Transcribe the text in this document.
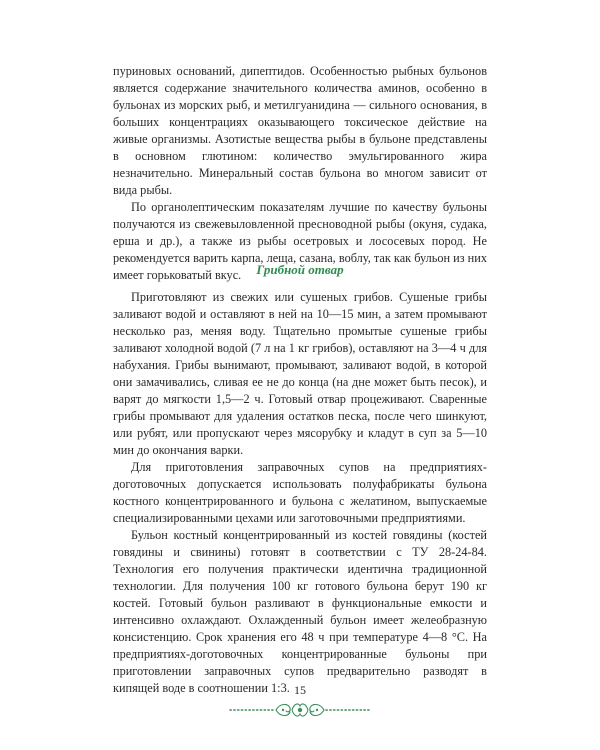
пуриновых оснований, дипептидов. Особенностью рыбных бульонов является содержание значительного количества аминов, особенно в бульонах из морских рыб, и метилгуанидина — сильного основания, в больших концентрациях оказывающего токсическое действие на живые организмы. Азотистые вещества рыбы в бульоне представлены в основном глютином: количество эмульгированного жира незначительно. Минеральный состав бульона во многом зависит от вида рыбы.

По органолептическим показателям лучшие по качеству бульоны получаются из свежевыловленной пресноводной рыбы (окуня, судака, ерша и др.), а также из рыбы осетровых и лососевых пород. Не рекомендуется варить карпа, леща, сазана, воблу, так как бульон из них имеет горьковатый вкус.	Грибной отвар

Приготовляют из свежих или сушеных грибов. Сушеные грибы заливают водой и оставляют в ней на 10—15 мин, а затем промывают несколько раз, меняя воду. Тщательно промытые сушеные грибы заливают холодной водой (7 л на 1 кг грибов), оставляют на 3—4 ч для набухания. Грибы вынимают, промывают, заливают водой, в которой они замачивались, сливая ее не до конца (на дне может быть песок), и варят до мягкости 1,5—2 ч. Готовый отвар процеживают. Сваренные грибы промывают для удаления остатков песка, после чего шинкуют, или рубят, или пропускают через мясорубку и кладут в суп за 5—10 мин до окончания варки.

Для приготовления заправочных супов на предприятиях-доготовочных допускается использовать полуфабрикаты бульона костного концентрированного и бульона с желатином, выпускаемые специализированными цехами или заготовочными предприятиями.

Бульон костный концентрированный из костей говядины (костей говядины и свинины) готовят в соответствии с ТУ 28-24-84. Технология его получения практически идентична традиционной технологии. Для получения 100 кг готового бульона берут 190 кг костей. Готовый бульон разливают в функциональные емкости и интенсивно охлаждают. Охлажденный бульон имеет желеобразную консистенцию. Срок хранения его 48 ч при температуре 4—8 °С. На предприятиях-доготовочных концентрированные бульоны при приготовлении заправочных супов предварительно разводят в кипящей воде в соотношении 1:3. 15
